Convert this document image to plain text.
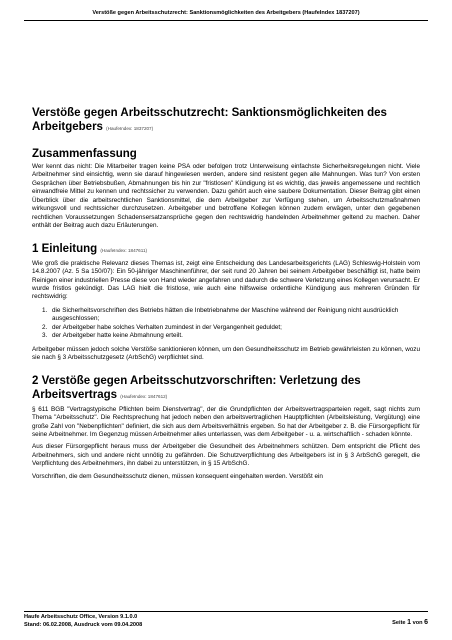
Verstöße gegen Arbeitsschutzrecht: Sanktionsmöglichkeiten des Arbeitgebers (HaufeIndex 1837207)
Verstöße gegen Arbeitsschutzrecht: Sanktionsmöglichkeiten des Arbeitgebers (HaufeIndex: 1837207)
Zusammenfassung

Wer kennt das nicht: Die Mitarbeiter tragen keine PSA oder befolgen trotz Unterweisung einfachste Sicherheitsregelungen nicht. Viele Arbeitnehmer sind einsichtig, wenn sie darauf hingewiesen werden, andere sind resistent gegen alle Mahnungen. Was tun? Von ersten Gesprächen über Betriebsbußen, Abmahnungen bis hin zur "fristlosen" Kündigung ist es wichtig, das jeweils angemessene und rechtlich einwandfreie Mittel zu kennen und rechtssicher zu verwenden. Dazu gehört auch eine saubere Dokumentation. Dieser Beitrag gibt einen Überblick über die arbeitsrechtlichen Sanktionsmittel, die dem Arbeitgeber zur Verfügung stehen, um Arbeitsschutzmaßnahmen wirkungsvoll und rechtssicher durchzusetzen. Arbeitgeber und betroffene Kollegen können zudem erwägen, unter den gegebenen rechtlichen Voraussetzungen Schadensersatzansprüche gegen den rechtswidrig handelnden Arbeitnehmer geltend zu machen. Daher enthält der Beitrag auch dazu Erläuterungen.

1 Einleitung (HaufeIndex: 1847611)

Wie groß die praktische Relevanz dieses Themas ist, zeigt eine Entscheidung des Landesarbeitsgerichts (LAG) Schleswig-Holstein vom 14.8.2007 (Az. 5 Sa 150/07): Ein 50-jähriger Maschinenführer, der seit rund 20 Jahren bei seinem Arbeitgeber beschäftigt ist, hatte beim Reinigen einer industriellen Presse diese von Hand wieder angefahren und dadurch die schwere Verletzung eines Kollegen verursacht. Er wurde fristlos gekündigt. Das LAG hielt die fristlose, wie auch eine hilfsweise ordentliche Kündigung aus mehreren Gründen für rechtswidrig:

1. die Sicherheitsvorschriften des Betriebs hätten die Inbetriebnahme der Maschine während der Reinigung nicht ausdrücklich ausgeschlossen;
2. der Arbeitgeber habe solches Verhalten zumindest in der Vergangenheit geduldet;
3. der Arbeitgeber hatte keine Abmahnung erteilt.

Arbeitgeber müssen jedoch solche Verstöße sanktionieren können, um den Gesundheitsschutz im Betrieb gewährleisten zu können, wozu sie nach § 3 Arbeitsschutzgesetz (ArbSchG) verpflichtet sind.

2 Verstöße gegen Arbeitsschutzvorschriften: Verletzung des Arbeitsvertrags (HaufeIndex: 1847612)

§ 611 BGB "Vertragstypische Pflichten beim Dienstvertrag", der die Grundpflichten der Arbeitsvertragsparteien regelt, sagt nichts zum Thema "Arbeitsschutz". Die Rechtsprechung hat jedoch neben den arbeitsvertraglichen Hauptpflichten (Arbeitsleistung, Vergütung) eine große Zahl von "Nebenpflichten" definiert, die sich aus dem Arbeitsverhältnis ergeben. So hat der Arbeitgeber z. B. die Fürsorgepflicht für seine Arbeitnehmer. Im Gegenzug müssen Arbeitnehmer alles unterlassen, was dem Arbeitgeber - u. a. wirtschaftlich - schaden könnte.

Aus dieser Fürsorgepflicht heraus muss der Arbeitgeber die Gesundheit des Arbeitnehmers schützen. Dem entspricht die Pflicht des Arbeitnehmers, sich und andere nicht unnötig zu gefährden. Die Schutzverpflichtung des Arbeitgebers ist in § 3 ArbSchG geregelt, die Verpflichtung des Arbeitnehmers, ihn dabei zu unterstützen, in § 15 ArbSchG.

Vorschriften, die dem Gesundheitsschutz dienen, müssen konsequent eingehalten werden. Verstößt ein

Haufe Arbeitsschutz Office, Version 9.1.0.0
Stand: 06.02.2008, Ausdruck vom 09.04.2008	Seite 1 von 6
